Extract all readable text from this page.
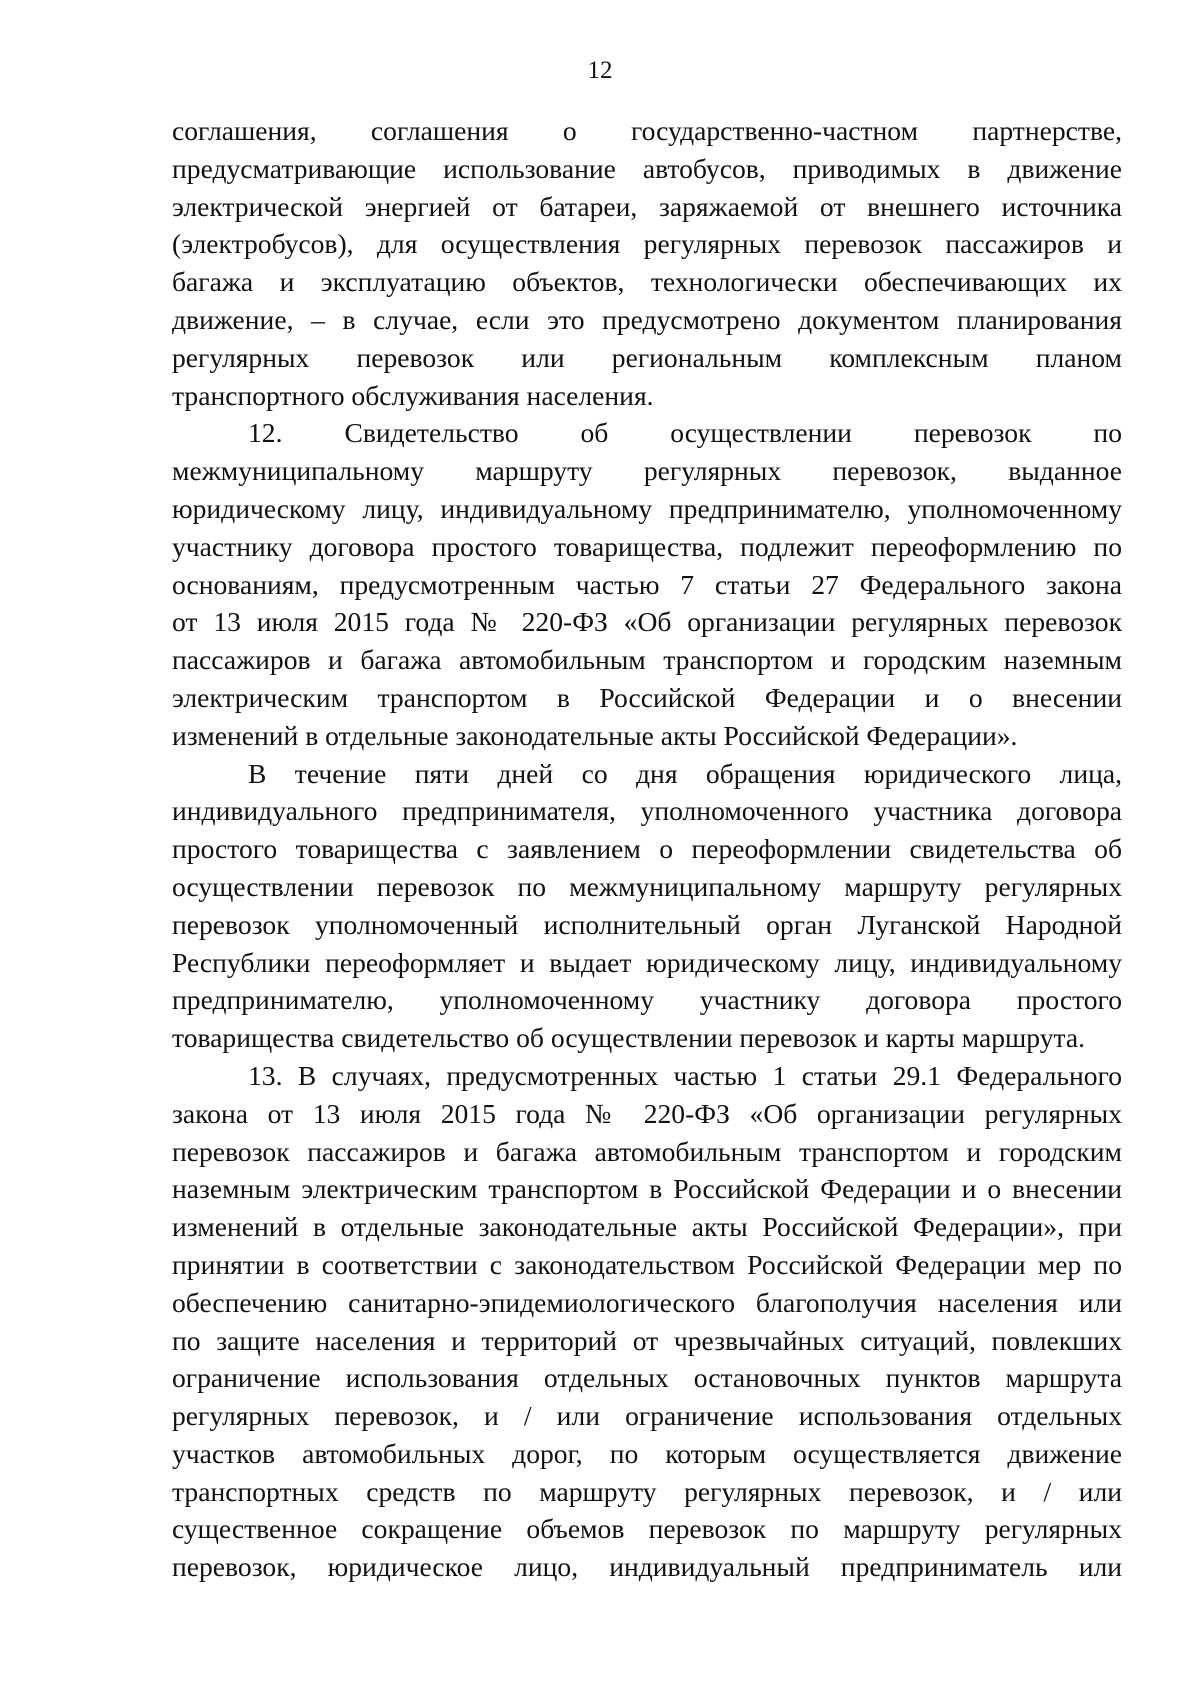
12
соглашения, соглашения о государственно-частном партнерстве,
предусматривающие использование автобусов, приводимых в движение
электрической энергией от батареи, заряжаемой от внешнего источника
(электробусов), для осуществления регулярных перевозок пассажиров и
багажа и эксплуатацию объектов, технологически обеспечивающих их
движение, – в случае, если это предусмотрено документом планирования
регулярных перевозок или региональным комплексным планом
транспортного обслуживания населения.
12. Свидетельство об осуществлении перевозок по
межмуниципальному маршруту регулярных перевозок, выданное
юридическому лицу, индивидуальному предпринимателю, уполномоченному
участнику договора простого товарищества, подлежит переоформлению по
основаниям, предусмотренным частью 7 статьи 27 Федерального закона
от 13 июля 2015 года № 220-ФЗ «Об организации регулярных перевозок
пассажиров и багажа автомобильным транспортом и городским наземным
электрическим транспортом в Российской Федерации и о внесении
изменений в отдельные законодательные акты Российской Федерации».
В течение пяти дней со дня обращения юридического лица,
индивидуального предпринимателя, уполномоченного участника договора
простого товарищества с заявлением о переоформлении свидетельства об
осуществлении перевозок по межмуниципальному маршруту регулярных
перевозок уполномоченный исполнительный орган Луганской Народной
Республики переоформляет и выдает юридическому лицу, индивидуальному
предпринимателю, уполномоченному участнику договора простого
товарищества свидетельство об осуществлении перевозок и карты маршрута.
13. В случаях, предусмотренных частью 1 статьи 29.1 Федерального
закона от 13 июля 2015 года № 220-ФЗ «Об организации регулярных
перевозок пассажиров и багажа автомобильным транспортом и городским
наземным электрическим транспортом в Российской Федерации и о внесении
изменений в отдельные законодательные акты Российской Федерации», при
принятии в соответствии с законодательством Российской Федерации мер по
обеспечению санитарно-эпидемиологического благополучия населения или
по защите населения и территорий от чрезвычайных ситуаций, повлекших
ограничение использования отдельных остановочных пунктов маршрута
регулярных перевозок, и / или ограничение использования отдельных
участков автомобильных дорог, по которым осуществляется движение
транспортных средств по маршруту регулярных перевозок, и / или
существенное сокращение объемов перевозок по маршруту регулярных
перевозок, юридическое лицо, индивидуальный предприниматель или
